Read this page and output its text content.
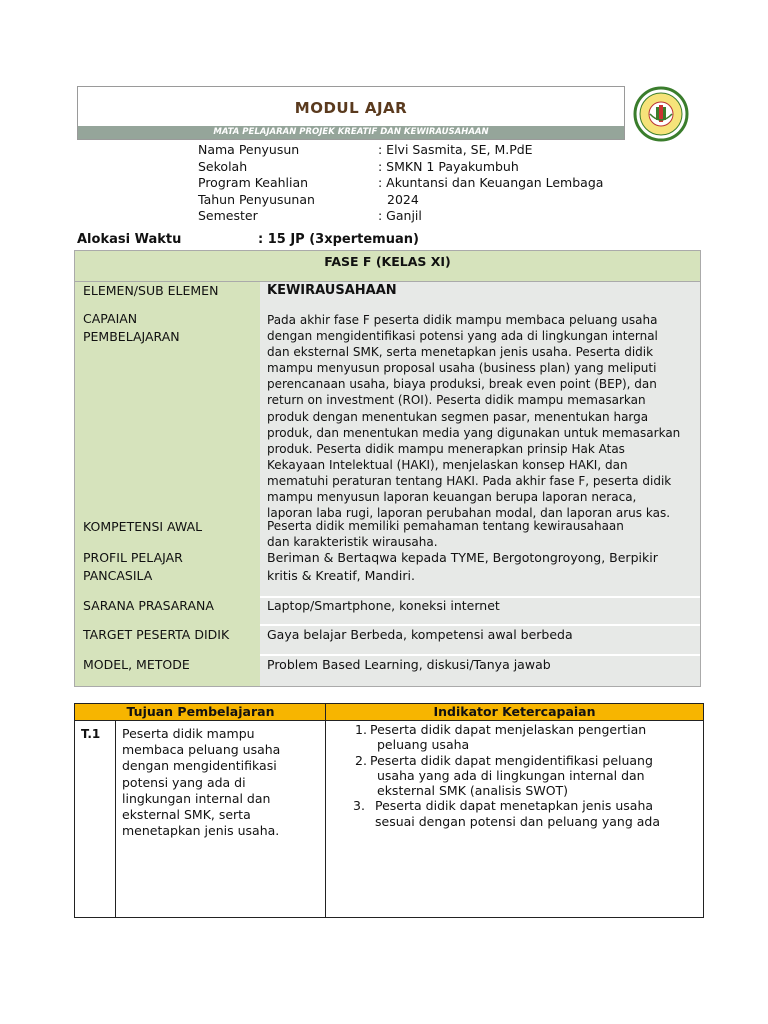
MODUL AJAR
MATA PELAJARAN PROJEK KREATIF DAN KEWIRAUSAHAAN
Nama Penyusun	: Elvi Sasmita, SE, M.PdE
Sekolah	: SMKN 1 Payakumbuh
Program Keahlian	: Akuntansi dan Keuangan Lembaga
Tahun Penyusunan	2024
Semester	: Ganjil
Alokasi Waktu	: 15 JP (3xpertemuan)
FASE F (KELAS XI)
ELEMEN/SUB ELEMEN	KEWIRAUSAHAAN
CAPAIAN
PEMBELAJARAN
Pada akhir fase F peserta didik mampu membaca peluang usaha
dengan mengidentifikasi potensi yang ada di lingkungan internal
dan eksternal SMK, serta menetapkan jenis usaha. Peserta didik
mampu menyusun proposal usaha (business plan) yang meliputi
perencanaan usaha, biaya produksi, break even point (BEP), dan
return on investment (ROI). Peserta didik mampu memasarkan
produk dengan menentukan segmen pasar, menentukan harga
produk, dan menentukan media yang digunakan untuk memasarkan
produk. Peserta didik mampu menerapkan prinsip Hak Atas
Kekayaan Intelektual (HAKI), menjelaskan konsep HAKI, dan
mematuhi peraturan tentang HAKI. Pada akhir fase F, peserta didik
mampu menyusun laporan keuangan berupa laporan neraca,
laporan laba rugi, laporan perubahan modal, dan laporan arus kas.
KOMPETENSI AWAL	Peserta didik memiliki pemahaman tentang kewirausahaan
dan karakteristik wirausaha.
PROFIL PELAJAR
PANCASILA
Beriman & Bertaqwa kepada TYME, Bergotongroyong, Berpikir
kritis & Kreatif, Mandiri.
SARANA PRASARANA	Laptop/Smartphone, koneksi internet
TARGET PESERTA DIDIK	Gaya belajar Berbeda, kompetensi awal berbeda
MODEL, METODE	Problem Based Learning, diskusi/Tanya jawab
Tujuan Pembelajaran	Indikator Ketercapaian
T.1 Peserta didik mampu
membaca peluang usaha
dengan mengidentifikasi
potensi yang ada di
lingkungan internal dan
eksternal SMK, serta
menetapkan jenis usaha.
1. Peserta didik dapat menjelaskan pengertian
peluang usaha
2. Peserta didik dapat mengidentifikasi peluang
usaha yang ada di lingkungan internal dan
eksternal SMK (analisis SWOT)
3. Peserta didik dapat menetapkan jenis usaha
sesuai dengan potensi dan peluang yang ada
